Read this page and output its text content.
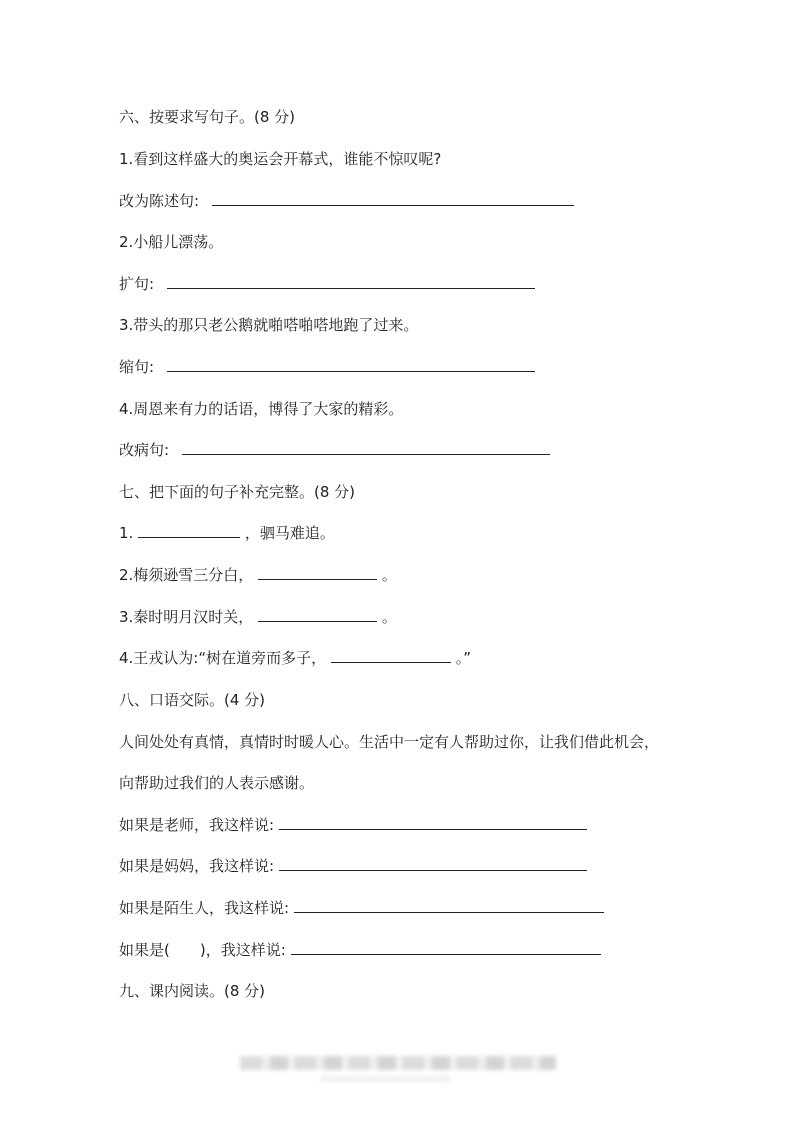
六、按要求写句子。(8 分)
1.看到这样盛大的奥运会开幕式，谁能不惊叹呢?
改为陈述句:
2.小船儿漂荡。
扩句:
3.带头的那只老公鹅就啪嗒啪嗒地跑了过来。
缩句:
4.周恩来有力的话语，博得了大家的精彩。
改病句:
七、把下面的句子补充完整。(8 分)
1.	，驷马难追。
2.梅须逊雪三分白，	。
3.秦时明月汉时关，	。
4.王戎认为:“树在道旁而多子，	。”
八、口语交际。(4 分)
人间处处有真情，真情时时暖人心。生活中一定有人帮助过你，让我们借此机会，
向帮助过我们的人表示感谢。
如果是老师，我这样说:
如果是妈妈，我这样说:
如果是陌生人，我这样说:
如果是(　　)，我这样说:
九、课内阅读。(8 分)
